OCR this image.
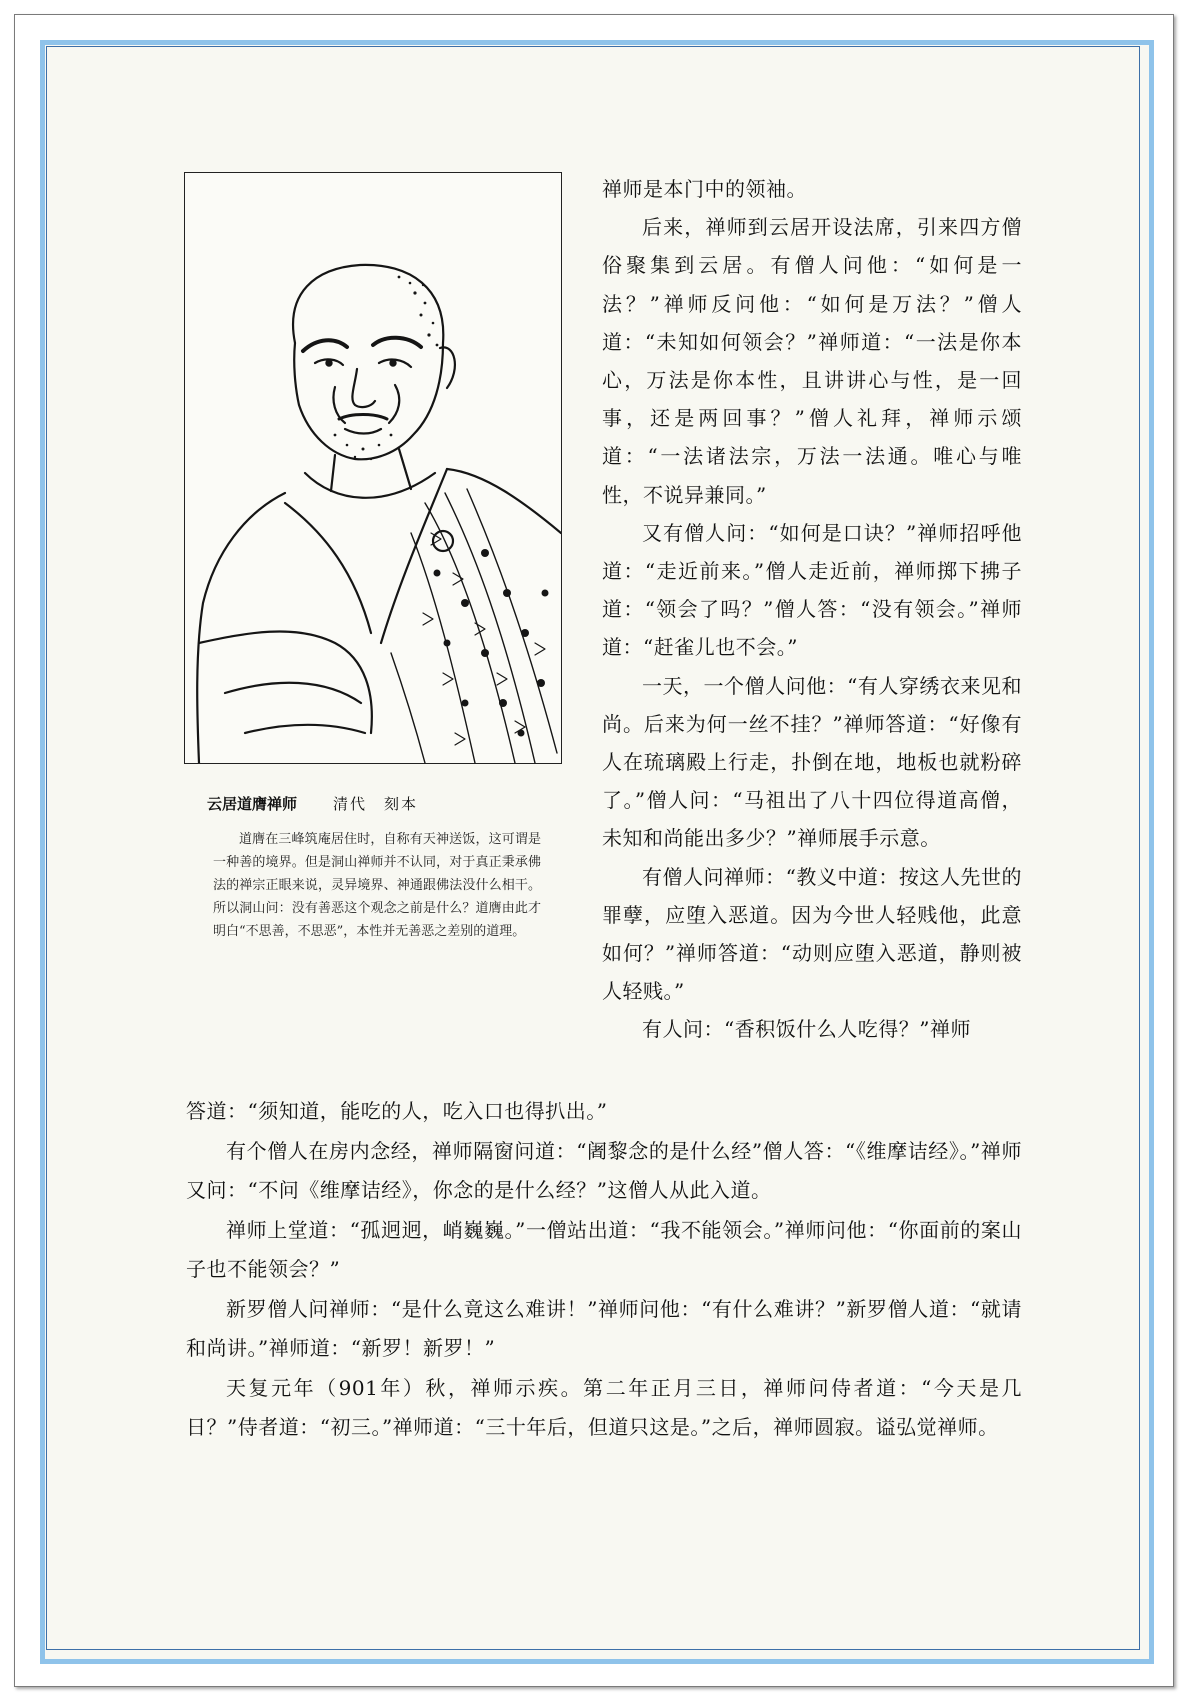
云居道膺禅师 清代　刻本
道膺在三峰筑庵居住时，自称有天神送饭，这可谓是一种善的境界。但是洞山禅师并不认同，对于真正秉承佛法的禅宗正眼来说，灵异境界、神通跟佛法没什么相干。所以洞山问：没有善恶这个观念之前是什么？道膺由此才明白“不思善，不思恶”，本性并无善恶之差别的道理。

禅师是本门中的领袖。

后来，禅师到云居开设法席，引来四方僧俗聚集到云居。有僧人问他：“如何是一法？”禅师反问他：“如何是万法？”僧人道：“未知如何领会？”禅师道：“一法是你本心，万法是你本性，且讲讲心与性，是一回事，还是两回事？”僧人礼拜，禅师示颂道：“一法诸法宗，万法一法通。唯心与唯性，不说异兼同。”

又有僧人问：“如何是口诀？”禅师招呼他道：“走近前来。”僧人走近前，禅师掷下拂子道：“领会了吗？”僧人答：“没有领会。”禅师道：“赶雀儿也不会。”

一天，一个僧人问他：“有人穿绣衣来见和尚。后来为何一丝不挂？”禅师答道：“好像有人在琉璃殿上行走，扑倒在地，地板也就粉碎了。”僧人问：“马祖出了八十四位得道高僧，未知和尚能出多少？”禅师展手示意。

有僧人问禅师：“教义中道：按这人先世的罪孽，应堕入恶道。因为今世人轻贱他，此意如何？”禅师答道：“动则应堕入恶道，静则被人轻贱。”

有人问：“香积饭什么人吃得？”禅师

答道：“须知道，能吃的人，吃入口也得扒出。”

有个僧人在房内念经，禅师隔窗问道：“阇黎念的是什么经”僧人答：“《维摩诘经》。”禅师又问：“不问《维摩诘经》，你念的是什么经？”这僧人从此入道。

禅师上堂道：“孤迥迥，峭巍巍。”一僧站出道：“我不能领会。”禅师问他：“你面前的案山子也不能领会？”

新罗僧人问禅师：“是什么竟这么难讲！”禅师问他：“有什么难讲？”新罗僧人道：“就请和尚讲。”禅师道：“新罗！新罗！”

天复元年（901年）秋，禅师示疾。第二年正月三日，禅师问侍者道：“今天是几日？”侍者道：“初三。”禅师道：“三十年后，但道只这是。”之后，禅师圆寂。谥弘觉禅师。
